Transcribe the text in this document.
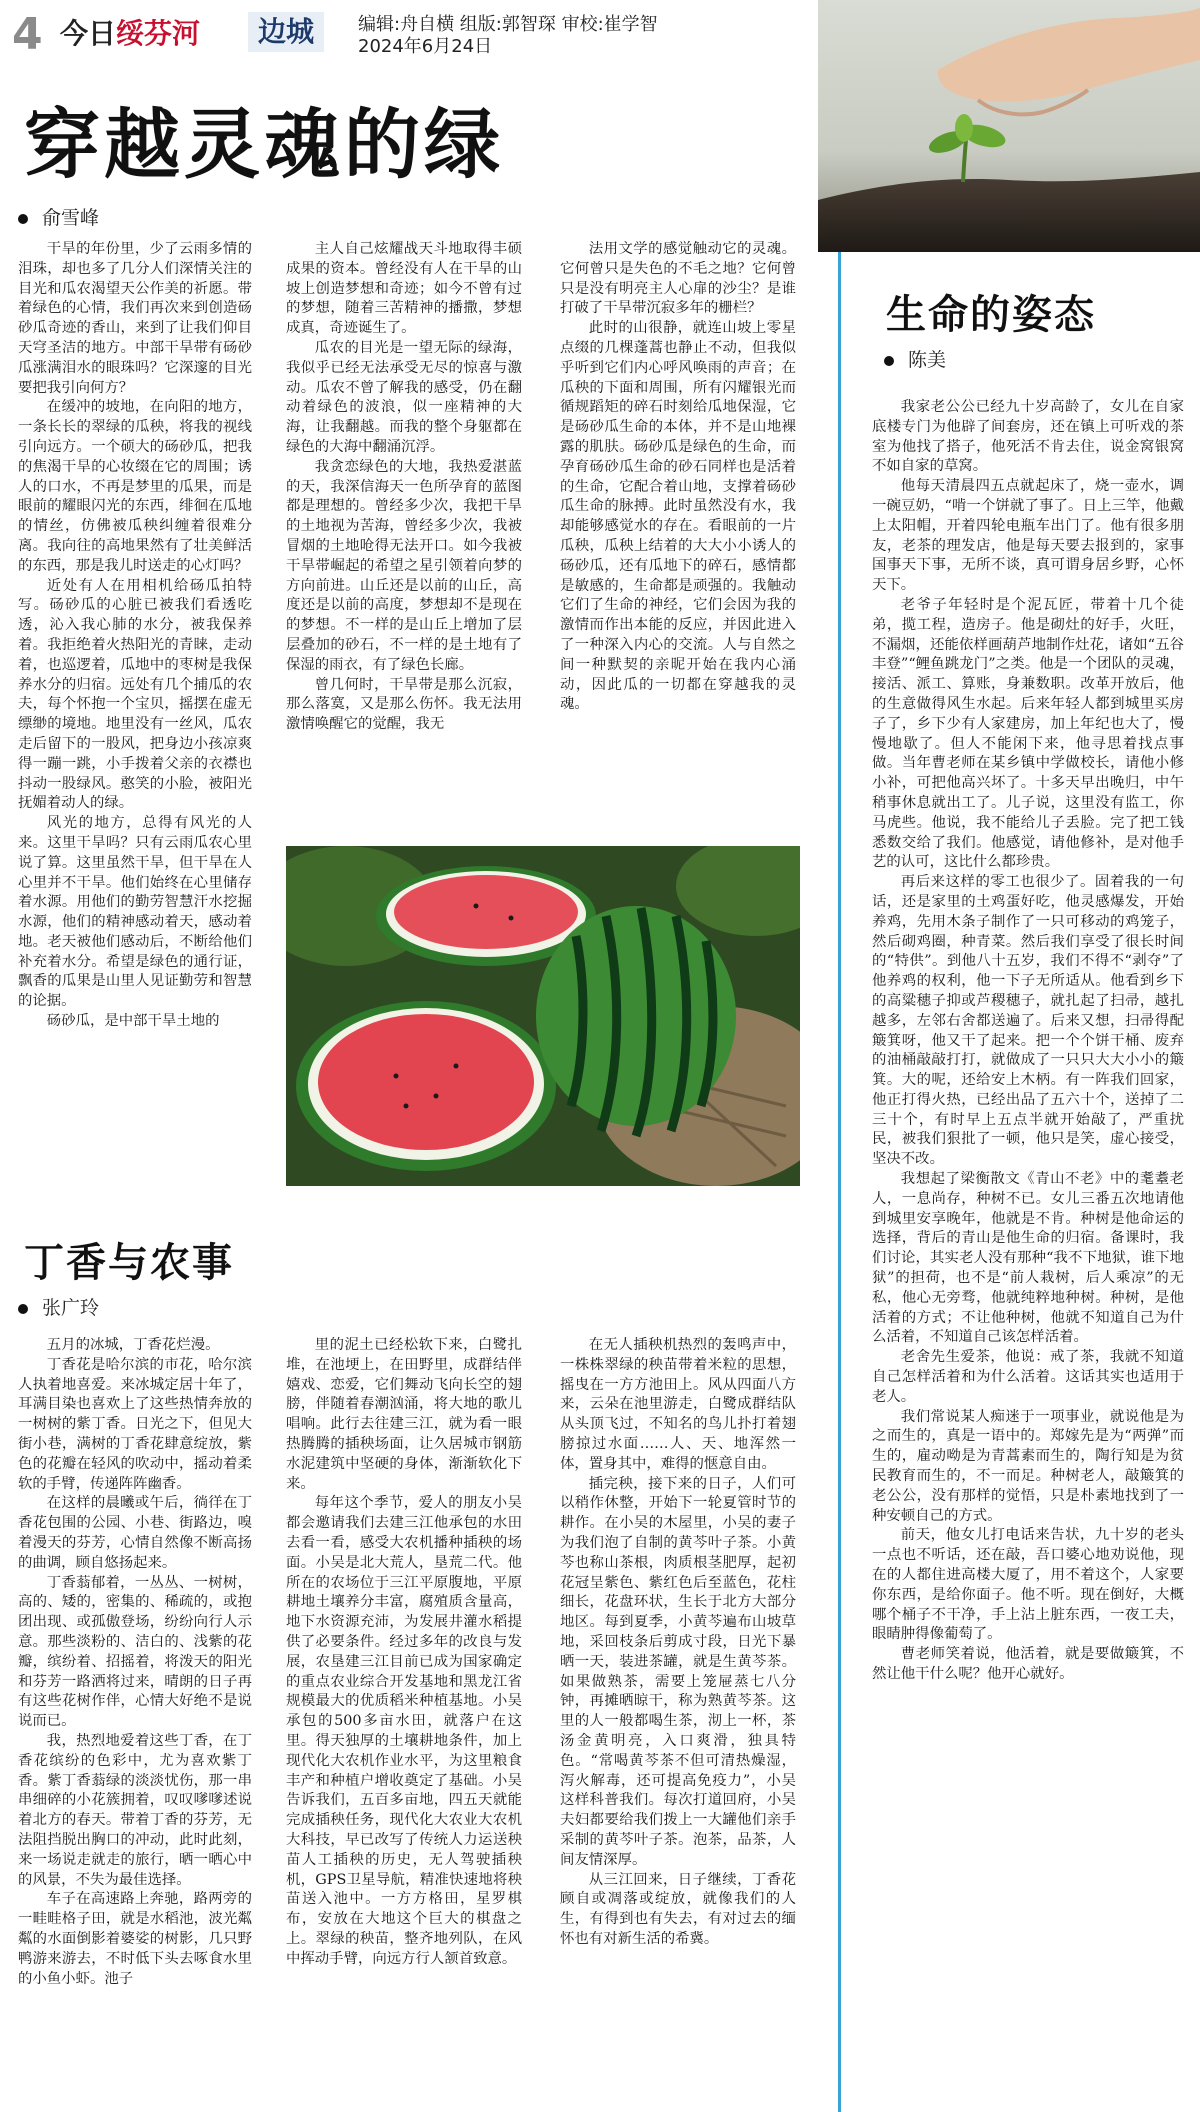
4 今日 绥芬河	边城	编辑:舟自横 组版:郭智琛 审校:崔学智
2024年6月24日
穿越灵魂的绿
俞雪峰

干旱的年份里，少了云雨多情的泪珠，却也多了几分人们深情关注的目光和瓜农渴望天公作美的祈愿。带着绿色的心情，我们再次来到创造砀砂瓜奇迹的香山，来到了让我们仰目天穹圣洁的地方。中部干旱带有砀砂瓜涨满泪水的眼珠吗？它深邃的目光要把我引向何方？

在缓冲的坡地，在向阳的地方，一条长长的翠绿的瓜秧，将我的视线引向远方。一个硕大的砀砂瓜，把我的焦渴干旱的心妆缀在它的周围；诱人的口水，不再是梦里的瓜果，而是眼前的耀眼闪光的东西，绯徊在瓜地的情丝，仿佛被瓜秧纠缠着很难分离。我向往的高地果然有了壮美鲜活的东西，那是我儿时送走的心灯吗？

近处有人在用相机给砀瓜拍特写。砀砂瓜的心脏已被我们看透吃透，沁入我心肺的水分，被我保养着。我拒绝着火热阳光的青睐，走动着，也巡逻着，瓜地中的枣树是我保养水分的归宿。远处有几个捕瓜的农夫，每个怀抱一个宝贝，摇摆在虚无缥缈的境地。地里没有一丝风，瓜农走后留下的一股风，把身边小孩凉爽得一蹦一跳，小手拨着父亲的衣襟也抖动一股绿风。憨笑的小脸，被阳光抚媚着动人的绿。

风光的地方，总得有风光的人来。这里干旱吗？只有云雨瓜农心里说了算。这里虽然干旱，但干旱在人心里并不干旱。他们始终在心里储存着水源。用他们的勤劳智慧汗水挖掘水源，他们的精神感动着天，感动着地。老天被他们感动后，不断给他们补充着水分。希望是绿色的通行证，飘香的瓜果是山里人见证勤劳和智慧的论据。

砀砂瓜，是中部干旱土地的

主人自己炫耀战天斗地取得丰硕成果的资本。曾经没有人在干旱的山坡上创造梦想和奇迹；如今不曾有过的梦想，随着三苦精神的播撒，梦想成真，奇迹诞生了。

瓜农的目光是一望无际的绿海，我似乎已经无法承受无尽的惊喜与激动。瓜农不曾了解我的感受，仍在翻动着绿色的波浪，似一座精神的大海，让我翻越。而我的整个身躯都在绿色的大海中翻涌沉浮。

我贪恋绿色的大地，我热爱湛蓝的天，我深信海天一色所孕育的蓝图都是理想的。曾经多少次，我把干旱的土地视为苦海，曾经多少次，我被冒烟的土地呛得无法开口。如今我被干旱带崛起的希望之星引领着向梦的方向前进。山丘还是以前的山丘，高度还是以前的高度，梦想却不是现在的梦想。不一样的是山丘上增加了层层叠加的砂石，不一样的是土地有了保湿的雨衣，有了绿色长廊。

曾几何时，干旱带是那么沉寂，那么落寞，又是那么伤怀。我无法用激情唤醒它的觉醒，我无

法用文学的感觉触动它的灵魂。它何曾只是失色的不毛之地？它何曾只是没有明亮主人心扉的沙尘？是谁打破了干旱带沉寂多年的栅栏？

此时的山很静，就连山坡上零星点缀的几棵蓬蒿也静止不动，但我似乎听到它们内心呼风唤雨的声音；在瓜秧的下面和周围，所有闪耀银光而循规蹈矩的碎石时刻给瓜地保湿，它是砀砂瓜生命的本体，并不是山地裸露的肌肤。砀砂瓜是绿色的生命，而孕育砀砂瓜生命的砂石同样也是活着的生命，它配合着山地，支撑着砀砂瓜生命的脉搏。此时虽然没有水，我却能够感觉水的存在。看眼前的一片瓜秧，瓜秧上结着的大大小小诱人的砀砂瓜，还有瓜地下的碎石，感情都是敏感的，生命都是顽强的。我触动它们了生命的神经，它们会因为我的激情而作出本能的反应，并因此进入了一种深入内心的交流。人与自然之间一种默契的亲昵开始在我内心涌动，因此瓜的一切都在穿越我的灵魂。

丁香与农事
张广玲

五月的冰城，丁香花烂漫。

丁香花是哈尔滨的市花，哈尔滨人执着地喜爱。来冰城定居十年了，耳满目染也喜欢上了这些热情奔放的一树树的紫丁香。日光之下，但见大街小巷，满树的丁香花肆意绽放，紫色的花瓣在轻风的吹动中，摇动着柔软的手臂，传递阵阵幽香。

在这样的晨曦或午后，徜徉在丁香花包围的公园、小巷、街路边，嗅着漫天的芬芳，心情自然像不断高扬的曲调，顾自悠扬起来。

丁香蓊郁着，一丛丛、一树树，高的、矮的，密集的、稀疏的，或抱团出现、或孤傲登场，纷纷向行人示意。那些淡粉的、洁白的、浅紫的花瓣，缤纷着、招摇着，将泼天的阳光和芬芳一路洒将过来，晴朗的日子再有这些花树作伴，心情大好绝不是说说而已。

我，热烈地爱着这些丁香，在丁香花缤纷的色彩中，尤为喜欢紫丁香。紫丁香蓊绿的淡淡忧伤，那一串串细碎的小花簇拥着，叹叹嗲嗲述说着北方的春天。带着丁香的芬芳，无法阻挡脱出胸口的冲动，此时此刻，来一场说走就走的旅行，晒一晒心中的风景，不失为最佳选择。

车子在高速路上奔驰，路两旁的一畦畦格子田，就是水稻池，波光粼粼的水面倒影着婆娑的树影，几只野鸭游来游去，不时低下头去啄食水里的小鱼小虾。池子

里的泥土已经松软下来，白鹭扎堆，在池埂上，在田野里，成群结伴嬉戏、恋爱，它们舞动飞向长空的翅膀，伴随着春潮汹涌，将大地的歌儿唱响。此行去往建三江，就为看一眼热腾腾的插秧场面，让久居城市钢筋水泥建筑中坚硬的身体，渐渐软化下来。

每年这个季节，爱人的朋友小吴都会邀请我们去建三江他承包的水田去看一看，感受大农机播种插秧的场面。小吴是北大荒人，垦荒二代。他所在的农场位于三江平原腹地，平原耕地土壤养分丰富，腐殖质含量高，地下水资源充沛，为发展井灌水稻提供了必要条件。经过多年的改良与发展，农垦建三江目前已成为国家确定的重点农业综合开发基地和黑龙江省规模最大的优质稻米种植基地。小吴承包的500多亩水田，就落户在这里。得天独厚的土壤耕地条件，加上现代化大农机作业水平，为这里粮食丰产和种植户增收奠定了基础。小吴告诉我们，五百多亩地，四五天就能完成插秧任务，现代化大农业大农机大科技，早已改写了传统人力运送秧苗人工插秧的历史，无人驾驶插秧机，GPS卫星导航，精准快速地将秧苗送入池中。一方方格田，星罗棋布，安放在大地这个巨大的棋盘之上。翠绿的秧苗，整齐地列队，在风中挥动手臂，向远方行人颔首致意。

在无人插秧机热烈的轰鸣声中，一株株翠绿的秧苗带着米粒的思想，摇曳在一方方池田上。风从四面八方来，云朵在池里游走，白鹭成群结队从头顶飞过，不知名的鸟儿扑打着翅膀掠过水面……人、天、地浑然一体，置身其中，难得的惬意自由。

插完秧，接下来的日子，人们可以稍作休整，开始下一轮夏管时节的耕作。在小吴的木屋里，小吴的妻子为我们泡了自制的黄芩叶子茶。小黄芩也称山茶根，肉质根茎肥厚，起初花冠呈紫色、紫红色后至蓝色，花柱细长，花盘环状，生长于北方大部分地区。每到夏季，小黄芩遍布山坡草地，采回枝条后剪成寸段，日光下暴晒一天，装进茶罐，就是生黄芩茶。如果做熟茶，需要上笼屉蒸七八分钟，再摊晒晾干，称为熟黄芩茶。这里的人一般都喝生茶，沏上一杯，茶汤金黄明亮，入口爽滑，独具特色。“常喝黄芩茶不但可清热燥湿，泻火解毒，还可提高免疫力”，小吴这样科普我们。每次打道回府，小吴夫妇都要给我们拨上一大罐他们亲手采制的黄芩叶子茶。泡茶，品茶，人间友情深厚。

从三江回来，日子继续，丁香花顾自或凋落或绽放，就像我们的人生，有得到也有失去，有对过去的缅怀也有对新生活的希冀。

生命的姿态
陈美

我家老公公已经九十岁高龄了，女儿在自家底楼专门为他辟了间套房，还在镇上可听戏的茶室为他找了搭子，他死活不肯去住，说金窝银窝不如自家的草窝。

他每天清晨四五点就起床了，烧一壶水，调一碗豆奶，“啃一个饼就了事了。日上三竿，他戴上太阳帽，开着四轮电瓶车出门了。他有很多朋友，老茶的理发店，他是每天要去报到的，家事国事天下事，无所不谈，真可谓身居乡野，心怀天下。

老爷子年轻时是个泥瓦匠，带着十几个徒弟，揽工程，造房子。他是砌灶的好手，火旺，不漏烟，还能依样画葫芦地制作灶花，诸如“五谷丰登”“鲤鱼跳龙门”之类。他是一个团队的灵魂，接活、派工、算账，身兼数职。改革开放后，他的生意做得风生水起。后来年轻人都到城里买房子了，乡下少有人家建房，加上年纪也大了，慢慢地歇了。但人不能闲下来，他寻思着找点事做。当年曹老师在某乡镇中学做校长，请他小修小补，可把他高兴坏了。十多天早出晚归，中午稍事休息就出工了。儿子说，这里没有监工，你马虎些。他说，我不能给儿子丢脸。完了把工钱悉数交给了我们。他感觉，请他修补，是对他手艺的认可，这比什么都珍贵。

再后来这样的零工也很少了。固着我的一句话，还是家里的土鸡蛋好吃，他灵感爆发，开始养鸡，先用木条子制作了一只可移动的鸡笼子，然后砌鸡圈，种青菜。然后我们享受了很长时间的“特供”。到他八十五岁，我们不得不“剥夺”了他养鸡的权利，他一下子无所适从。他看到乡下的高粱穗子抑或芦稷穗子，就扎起了扫帚，越扎越多，左邻右舍都送遍了。后来又想，扫帚得配簸箕呀，他又干了起来。把一个个饼干桶、废弃的油桶敲敲打打，就做成了一只只大大小小的簸箕。大的呢，还给安上木柄。有一阵我们回家，他正打得火热，已经出品了五六十个，送掉了二三十个，有时早上五点半就开始敲了，严重扰民，被我们狠批了一顿，他只是笑，虚心接受，坚决不改。

我想起了梁衡散文《青山不老》中的耄耋老人，一息尚存，种树不已。女儿三番五次地请他到城里安享晚年，他就是不肯。种树是他命运的选择，背后的青山是他生命的归宿。备课时，我们讨论，其实老人没有那种“我不下地狱，谁下地狱”的担荷，也不是“前人栽树，后人乘凉”的无私，他心无旁骛，他就纯粹地种树。种树，是他活着的方式；不让他种树，他就不知道自己为什么活着，不知道自己该怎样活着。

老舍先生爱茶，他说：戒了茶，我就不知道自己怎样活着和为什么活着。这话其实也适用于老人。

我们常说某人痴迷于一项事业，就说他是为之而生的，真是一语中的。郑嫁先是为“两弹”而生的，雇动呦是为青蒿素而生的，陶行知是为贫民教育而生的，不一而足。种树老人，敲簸箕的老公公，没有那样的觉悟，只是朴素地找到了一种安顿自己的方式。

前天，他女儿打电话来告状，九十岁的老头一点也不听话，还在敲，吾口婆心地劝说他，现在的人都住进高楼大厦了，用不着这个，人家要你东西，是给你面子。他不听。现在倒好，大概哪个桶子不干净，手上沾上脏东西，一夜工夫，眼睛肿得像葡萄了。

曹老师笑着说，他活着，就是要做簸箕，不然让他干什么呢？他开心就好。
